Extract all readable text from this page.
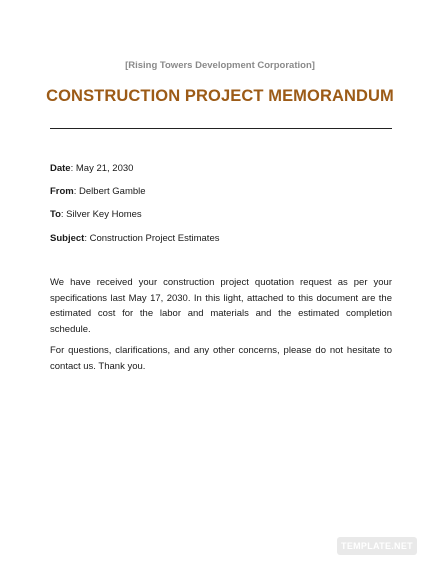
[Rising Towers Development Corporation]
CONSTRUCTION PROJECT MEMORANDUM
Date: May 21, 2030
From: Delbert Gamble
To: Silver Key Homes
Subject: Construction Project Estimates
We have received your construction project quotation request as per your specifications last May 17, 2030. In this light, attached to this document are the estimated cost for the labor and materials and the estimated completion schedule.
For questions, clarifications, and any other concerns, please do not hesitate to contact us. Thank you.
TEMPLATE.NET
